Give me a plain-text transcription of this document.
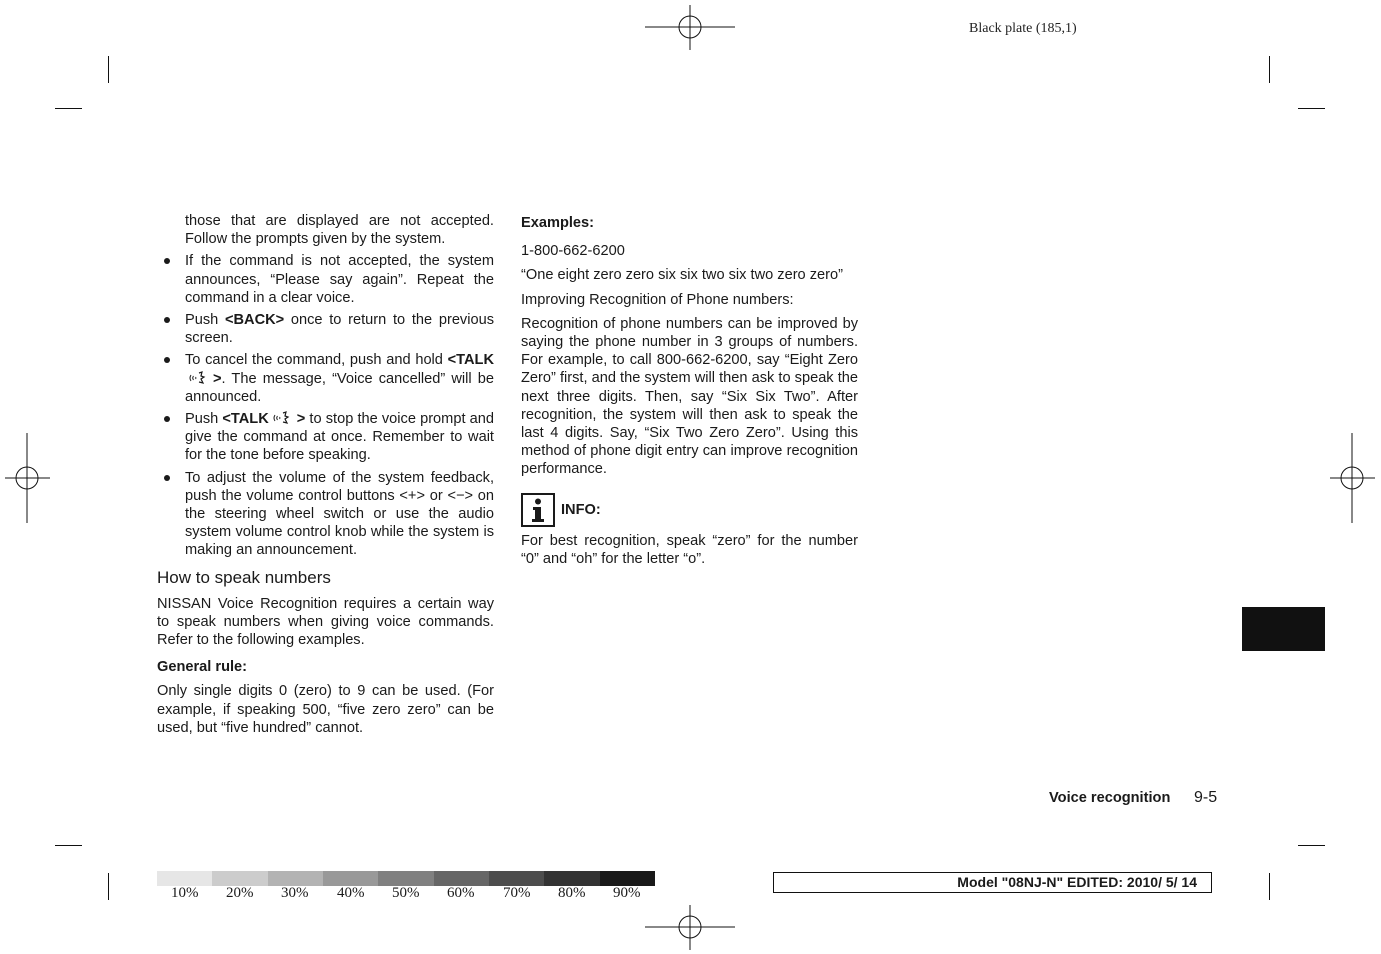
Black plate (185,1)

those that are displayed are not accepted. Follow the prompts given by the system.

If the command is not accepted, the system announces, “Please say again”. Repeat the command in a clear voice.

Push <BACK> once to return to the previous screen.

To cancel the command, push and hold <TALK>. The message, “Voice cancelled” will be announced.

Push <TALK > to stop the voice prompt and give the command at once. Remember to wait for the tone before speaking.

To adjust the volume of the system feedback, push the volume control buttons <+> or <−> on the steering wheel switch or use the audio system volume control knob while the system is making an announcement.

How to speak numbers

NISSAN Voice Recognition requires a certain way to speak numbers when giving voice commands. Refer to the following examples.

General rule:

Only single digits 0 (zero) to 9 can be used. (For example, if speaking 500, “five zero zero” can be used, but “five hundred” cannot.

Examples:

1-800-662-6200

“One eight zero zero six six two six two zero zero”

Improving Recognition of Phone numbers:

Recognition of phone numbers can be improved by saying the phone number in 3 groups of numbers. For example, to call 800-662-6200, say “Eight Zero Zero” first, and the system will then ask to speak the next three digits. Then, say “Six Six Two”. After recognition, the system will then ask to speak the last 4 digits. Say, “Six Two Zero Zero”. Using this method of phone digit entry can improve recognition performance.

INFO:

For best recognition, speak “zero” for the number “0” and “oh” for the letter “o”.

Voice recognition 9-5
10% 20% 30% 40% 50% 60% 70% 80% 90%
Model "08NJ-N" EDITED: 2010/ 5/ 14
